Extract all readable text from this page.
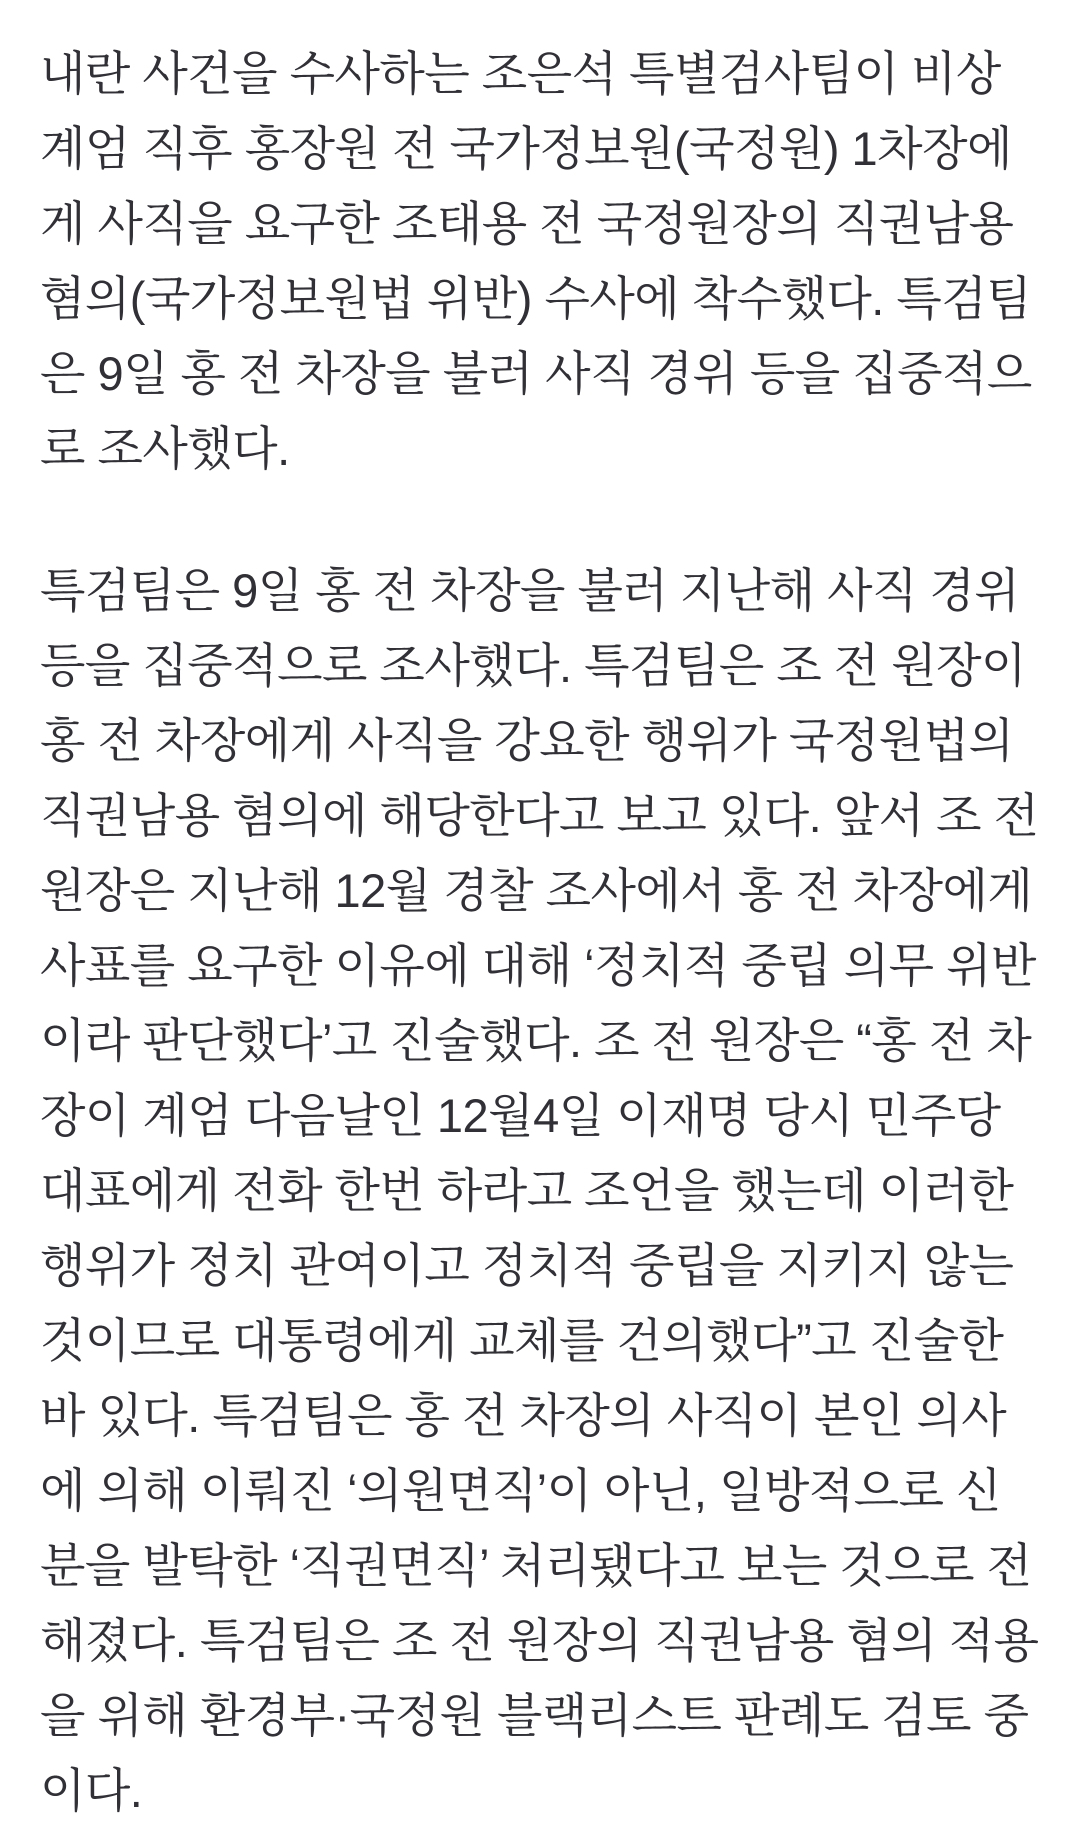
내란 사건을 수사하는 조은석 특별검사팀이 비상계엄 직후 홍장원 전 국가정보원(국정원) 1차장에게 사직을 요구한 조태용 전 국정원장의 직권남용 혐의(국가정보원법 위반) 수사에 착수했다. 특검팀은 9일 홍 전 차장을 불러 사직 경위 등을 집중적으로 조사했다.

특검팀은 9일 홍 전 차장을 불러 지난해 사직 경위 등을 집중적으로 조사했다. 특검팀은 조 전 원장이 홍 전 차장에게 사직을 강요한 행위가 국정원법의 직권남용 혐의에 해당한다고 보고 있다. 앞서 조 전 원장은 지난해 12월 경찰 조사에서 홍 전 차장에게 사표를 요구한 이유에 대해 ‘정치적 중립 의무 위반이라 판단했다’고 진술했다. 조 전 원장은 “홍 전 차장이 계엄 다음날인 12월4일 이재명 당시 민주당 대표에게 전화 한번 하라고 조언을 했는데 이러한 행위가 정치 관여이고 정치적 중립을 지키지 않는 것이므로 대통령에게 교체를 건의했다”고 진술한 바 있다. 특검팀은 홍 전 차장의 사직이 본인 의사에 의해 이뤄진 ‘의원면직’이 아닌, 일방적으로 신분을 발탁한 ‘직권면직’ 처리됐다고 보는 것으로 전해졌다. 특검팀은 조 전 원장의 직권남용 혐의 적용을 위해 환경부·국정원 블랙리스트 판례도 검토 중이다.
